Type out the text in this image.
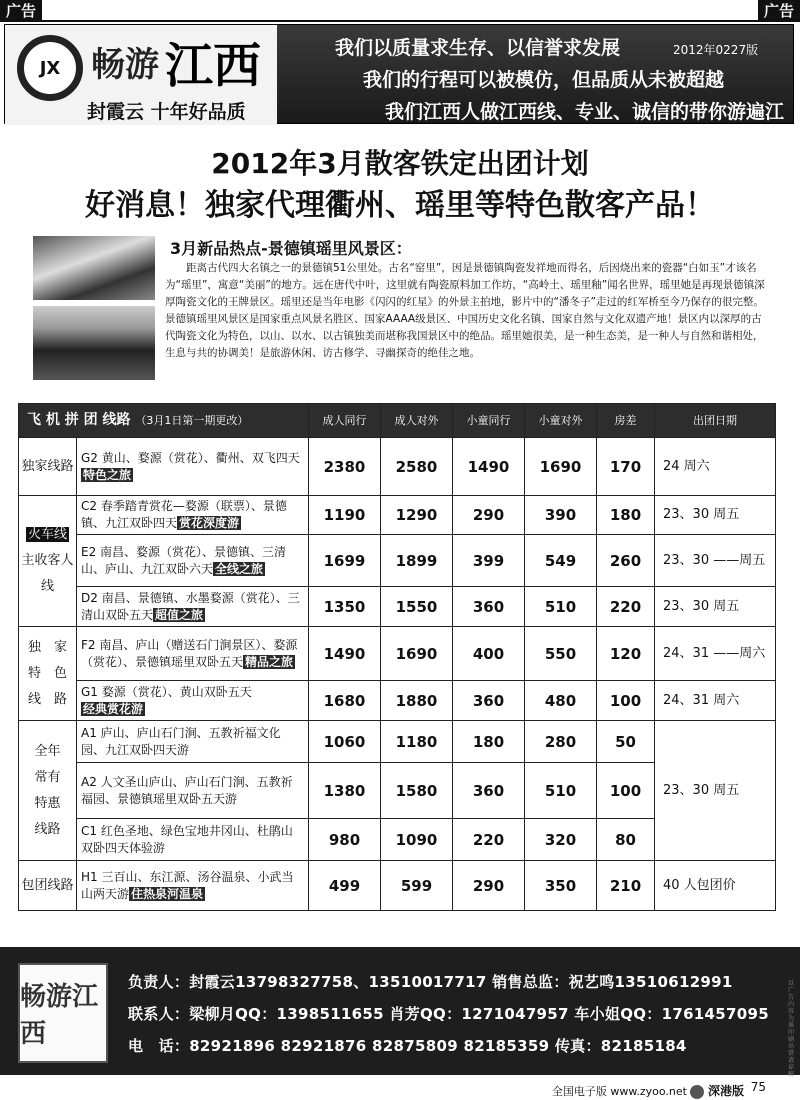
广告	广告
JX 畅游 江西
封霞云 十年好品质
我们以质量求生存、以信誉求发展
我们的行程可以被模仿，但品质从未被超越
我们江西人做江西线、专业、诚信的带你游遍江西
2012年0227版
2012年3月散客铁定出团计划
好消息！独家代理衢州、瑶里等特色散客产品！
3月新品热点-景德镇瑶里风景区：
距离古代四大名镇之一的景德镇51公里处。古名“窑里”，因是景德镇陶瓷发祥地而得名，后因烧出来的瓷器“白如玉”才该名为“瑶里”，寓意“美丽”的地方。远在唐代中叶，这里就有陶瓷原料加工作坊，“高岭土、瑶里釉”闻名世界，瑶里她是再现景德镇深厚陶瓷文化的王牌景区。瑶里还是当年电影《闪闪的红星》的外景主拍地，影片中的“潘冬子”走过的红军桥至今乃保存的很完整。景德镇瑶里风景区是国家重点风景名胜区、国家AAAA级景区、中国历史文化名镇、国家自然与文化双遗产地！景区内以深厚的古代陶瓷文化为特色，以山、以水、以古镇独美而堪称我国景区中的绝品。瑶里她很美，是一种生态美，是一种人与自然和谐相处，生息与共的协调美！是旅游休闲、访古修学、寻幽探奇的绝佳之地。
飞 机 拼 团 线路 （3月1日第一期更改）		成人同行	成人对外	小童同行	小童对外	房差	出团日期
独家线路	G2 黄山、婺源（赏花）、衢州、双飞四天特色之旅	2380	2580	1490	1690	170	24 周六
火车线
主收客人线	C2 春季踏青赏花—婺源（联票）、景德镇、九江双卧四天 赏花深度游	1190	1290	290	390	180	23、30 周五
	E2 南昌、婺源（赏花）、景德镇、三清山、庐山、九江双卧六天 全线之旅	1699	1899	399	549	260	23、30 ——周五
	D2 南昌、景德镇、水墨婺源（赏花）、三清山双卧五天 超值之旅	1350	1550	360	510	220	23、30 周五
独　家
特　色
线　路	F2 南昌、庐山（赠送石门涧景区）、婺源（赏花）、景德镇瑶里双卧五天 精品之旅	1490	1690	400	550	120	24、31 ——周六
	G1 婺源（赏花）、黄山双卧五天
经典赏花游	1680	1880	360	480	100	24、31 周六
全年
常有
特惠
线路	A1 庐山、庐山石门涧、五教祈福文化园、九江双卧四天游	1060	1180	180	280	50	23、30 周五
	A2 人文圣山庐山、庐山石门涧、五教祈福园、景德镇瑶里双卧五天游	1380	1580	360	510	100	
	C1 红色圣地、绿色宝地井冈山、杜鹃山双卧四天体验游	980	1090	220	320	80	
包团线路	H1 三百山、东江源、汤谷温泉、小武当山两天游 住热泉河温泉	499	599	290	350	210	40 人包团价
畅游江西
负责人：封霞云13798327758、13510017717 销售总监：祝艺鸣13510612991
联系人：梁柳月QQ：1398511655 肖芳QQ：1271047957 车小姐QQ：1761457095
电　话：82921896 82921876 82875809 82185359 传真：82185184
以广告内容为准印刷出错请谅解
全国电子版 www.zyoo.net 深港版 75
